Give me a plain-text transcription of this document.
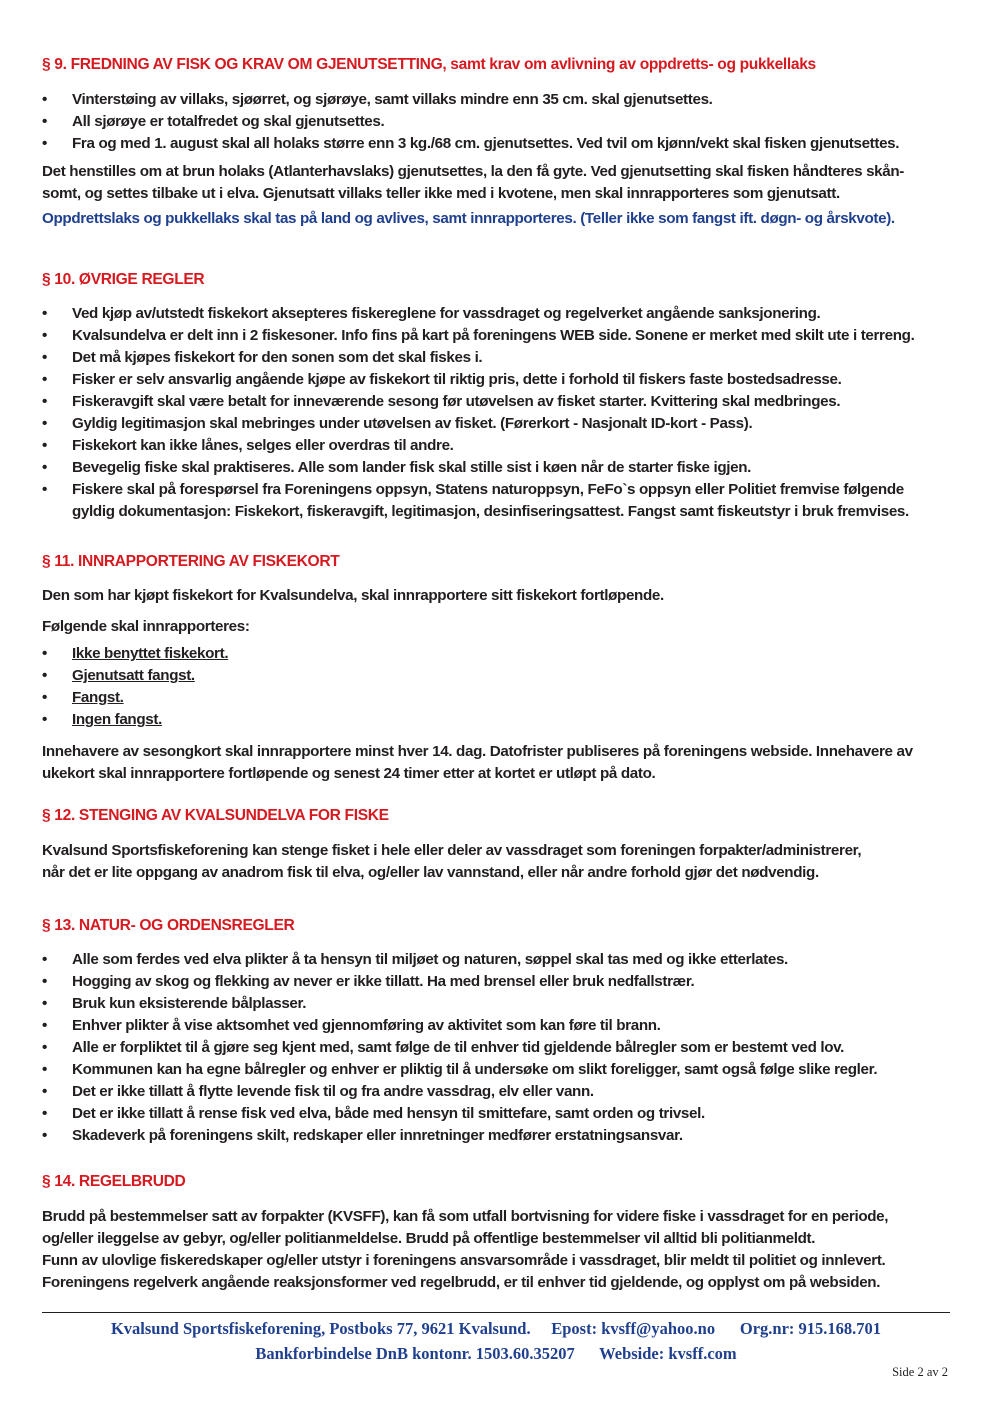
§ 9. FREDNING AV FISK OG KRAV OM GJENUTSETTING, samt krav om avlivning av oppdretts- og pukkellaks
• Vinterstøing av villaks, sjøørret, og sjørøye, samt villaks mindre enn 35 cm. skal gjenutsettes.
• All sjørøye er totalfredet og skal gjenutsettes.
• Fra og med 1. august skal all holaks større enn 3 kg./68 cm. gjenutsettes. Ved tvil om kjønn/vekt skal fisken gjenutsettes.

Det henstilles om at brun holaks (Atlanterhavslaks) gjenutsettes, la den få gyte. Ved gjenutsetting skal fisken håndteres skån-

somt, og settes tilbake ut i elva. Gjenutsatt villaks teller ikke med i kvotene, men skal innrapporteres som gjenutsatt.

Oppdrettslaks og pukkellaks skal tas på land og avlives, samt innrapporteres. (Teller ikke som fangst ift. døgn- og årskvote).

§ 10. ØVRIGE REGLER
• Ved kjøp av/utstedt fiskekort aksepteres fiskereglene for vassdraget og regelverket angående sanksjonering.
• Kvalsundelva er delt inn i 2 fiskesoner. Info fins på kart på foreningens WEB side. Sonene er merket med skilt ute i terreng.
• Det må kjøpes fiskekort for den sonen som det skal fiskes i.
• Fisker er selv ansvarlig angående kjøpe av fiskekort til riktig pris, dette i forhold til fiskers faste bostedsadresse.
• Fiskeravgift skal være betalt for inneværende sesong før utøvelsen av fisket starter. Kvittering skal medbringes.
• Gyldig legitimasjon skal mebringes under utøvelsen av fisket. (Førerkort - Nasjonalt ID-kort - Pass).
• Fiskekort kan ikke lånes, selges eller overdras til andre.
• Bevegelig fiske skal praktiseres. Alle som lander fisk skal stille sist i køen når de starter fiske igjen.
• Fiskere skal på forespørsel fra Foreningens oppsyn, Statens naturoppsyn, FeFo`s oppsyn eller Politiet fremvise følgende gyldig dokumentasjon: Fiskekort, fiskeravgift, legitimasjon, desinfiseringsattest. Fangst samt fiskeutstyr i bruk fremvises.
§ 11. INNRAPPORTERING AV FISKEKORT

Den som har kjøpt fiskekort for Kvalsundelva, skal innrapportere sitt fiskekort fortløpende.

Følgende skal innrapporteres:

• Ikke benyttet fiskekort.
• Gjenutsatt fangst.
• Fangst.
• Ingen fangst.

Innehavere av sesongkort skal innrapportere minst hver 14. dag. Datofrister publiseres på foreningens webside. Innehavere av

ukekort skal innrapportere fortløpende og senest 24 timer etter at kortet er utløpt på dato.

§ 12. STENGING AV KVALSUNDELVA FOR FISKE

Kvalsund Sportsfiskeforening kan stenge fisket i hele eller deler av vassdraget som foreningen forpakter/administrerer,

når det er lite oppgang av anadrom fisk til elva, og/eller lav vannstand, eller når andre forhold gjør det nødvendig.

§ 13. NATUR- OG ORDENSREGLER
• Alle som ferdes ved elva plikter å ta hensyn til miljøet og naturen, søppel skal tas med og ikke etterlates.
• Hogging av skog og flekking av never er ikke tillatt. Ha med brensel eller bruk nedfallstrær.
• Bruk kun eksisterende bålplasser.
• Enhver plikter å vise aktsomhet ved gjennomføring av aktivitet som kan føre til brann.
• Alle er forpliktet til å gjøre seg kjent med, samt følge de til enhver tid gjeldende bålregler som er bestemt ved lov.
• Kommunen kan ha egne bålregler og enhver er pliktig til å undersøke om slikt foreligger, samt også følge slike regler.
• Det er ikke tillatt å flytte levende fisk til og fra andre vassdrag, elv eller vann.
• Det er ikke tillatt å rense fisk ved elva, både med hensyn til smittefare, samt orden og trivsel.
• Skadeverk på foreningens skilt, redskaper eller innretninger medfører erstatningsansvar.
§ 14. REGELBRUDD

Brudd på bestemmelser satt av forpakter (KVSFF), kan få som utfall bortvisning for videre fiske i vassdraget for en periode,

og/eller ileggelse av gebyr, og/eller politianmeldelse. Brudd på offentlige bestemmelser vil alltid bli politianmeldt.

Funn av ulovlige fiskeredskaper og/eller utstyr i foreningens ansvarsområde i vassdraget, blir meldt til politiet og innlevert.

Foreningens regelverk angående reaksjonsformer ved regelbrudd, er til enhver tid gjeldende, og opplyst om på websiden.

Kvalsund Sportsfiskeforening, Postboks 77, 9621 Kvalsund.     Epost: kvsff@yahoo.no      Org.nr: 915.168.701
Bankforbindelse DnB kontonr. 1503.60.35207      Webside: kvsff.com
Side 2 av 2
